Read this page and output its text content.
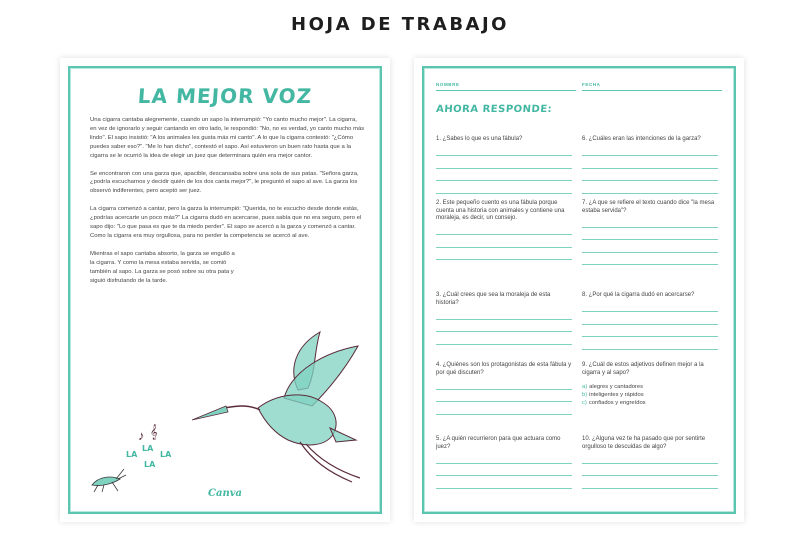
HOJA DE TRABAJO
LA MEJOR VOZ

Una cigarra cantaba alegremente, cuando un sapo la interrumpió: "Yo canto mucho mejor". La cigarra, en vez de ignorarlo y seguir cantando en otro lado, le respondió: "No, no es verdad, yo canto mucho más lindo". El sapo insistió: "A los animales les gusta más mi canto". A lo que la cigarra contestó: "¿Cómo puedes saber eso?". "Me lo han dicho", contestó el sapo. Así estuvieron un buen rato hasta que a la cigarra se le ocurrió la idea de elegir un juez que determinara quién era mejor cantor.

Se encontraron con una garza que, apacible, descansaba sobre una sola de sus patas. "Señora garza, ¿podría escucharnos y decidir quién de los dos canta mejor?", le preguntó el sapo al ave. La garza los observó indiferentes, pero aceptó ser juez.

La cigarra comenzó a cantar, pero la garza la interrumpió: "Querida, no te escucho desde donde estás, ¿podrías acercarte un poco más?" La cigarra dudó en acercarse, pues sabía que no era seguro, pero el sapo dijo: "Lo que pasa es que te da miedo perder". El sapo se acercó a la garza y comenzó a cantar. Como la cigarra era muy orgullosa, para no perder la competencia se acercó al ave.

Mientras el sapo cantaba absorto, la garza se engulló a la cigarra. Y como la mesa estaba servida, se comió también al sapo. La garza se posó sobre su otra pata y siguió disfrutando de la tarde.

♪ 𝄞
LA
LA
LA
LA
Canva
NOMBRE	FECHA
AHORA RESPONDE:
1. ¿Sabes lo que es una fábula?
2. Este pequeño cuento es una fábula porque cuenta una historia con animales y contiene una moraleja, es decir, un consejo.
3. ¿Cuál crees que sea la moraleja de esta historia?
4. ¿Quiénes son los protagonistas de esta fábula y por qué discuten?
5. ¿A quién recurrieron para que actuara como juez?
6. ¿Cuáles eran las intenciones de la garza?
7. ¿A que se refiere el texto cuando dice "la mesa estaba servida"?
8. ¿Por qué la cigarra dudó en acercarse?
9. ¿Cuál de estos adjetivos definen mejor a la cigarra y al sapo?
a) alegres y cantadores
b) inteligentes y rápidos
c) confiados y engreídos
10. ¿Alguna vez te ha pasado que por sentirte orgulloso te descuidas de algo?
